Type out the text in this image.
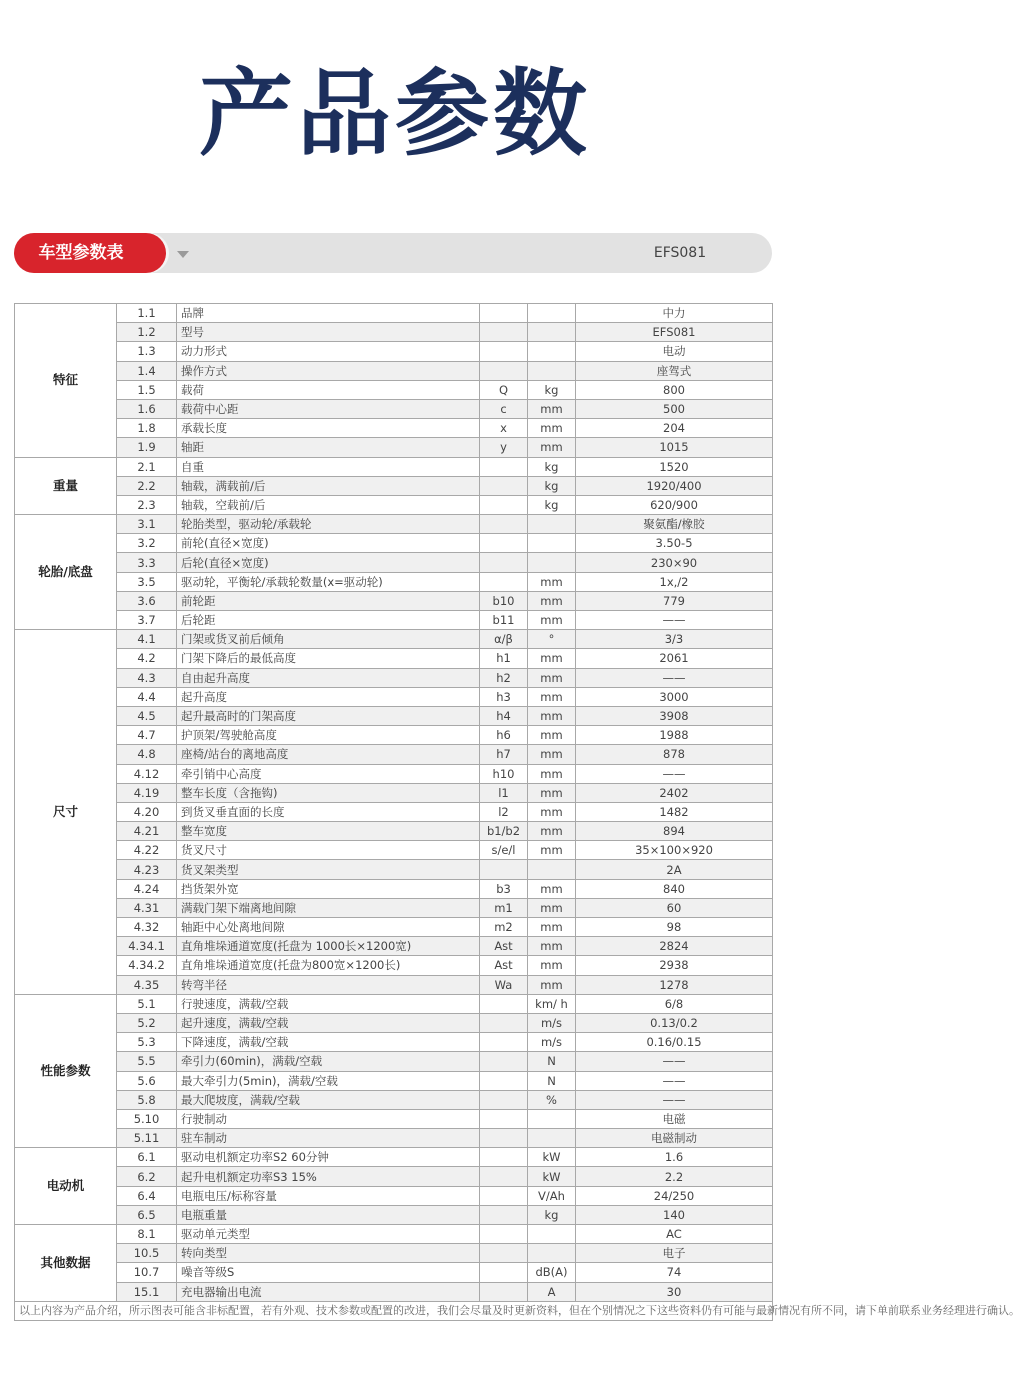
产品参数
车型参数表	EFS081
特征	1.1	品牌			中力
	1.2	型号			EFS081
	1.3	动力形式			电动
	1.4	操作方式			座驾式
	1.5	载荷	Q	kg	800
	1.6	载荷中心距	c	mm	500
	1.8	承载长度	x	mm	204
	1.9	轴距	y	mm	1015
重量	2.1	自重		kg	1520
	2.2	轴载，满载前/后		kg	1920/400
	2.3	轴载，空载前/后		kg	620/900
轮胎/底盘	3.1	轮胎类型，驱动轮/承载轮			聚氨酯/橡胶
	3.2	前轮(直径×宽度)			3.50-5
	3.3	后轮(直径×宽度)			230×90
	3.5	驱动轮，平衡轮/承载轮数量(x=驱动轮)		mm	1x,/2
	3.6	前轮距	b10	mm	779
	3.7	后轮距	b11	mm	——
尺寸	4.1	门架或货叉前后倾角	α/β	°	3/3
	4.2	门架下降后的最低高度	h1	mm	2061
	4.3	自由起升高度	h2	mm	——
	4.4	起升高度	h3	mm	3000
	4.5	起升最高时的门架高度	h4	mm	3908
	4.7	护顶架/驾驶舱高度	h6	mm	1988
	4.8	座椅/站台的离地高度	h7	mm	878
	4.12	牵引销中心高度	h10	mm	——
	4.19	整车长度（含拖钩)	l1	mm	2402
	4.20	到货叉垂直面的长度	l2	mm	1482
	4.21	整车宽度	b1/b2	mm	894
	4.22	货叉尺寸	s/e/l	mm	35×100×920
	4.23	货叉架类型			2A
	4.24	挡货架外宽	b3	mm	840
	4.31	满载门架下端离地间隙	m1	mm	60
	4.32	轴距中心处离地间隙	m2	mm	98
	4.34.1	直角堆垛通道宽度(托盘为 1000长×1200宽)	Ast	mm	2824
	4.34.2	直角堆垛通道宽度(托盘为800宽×1200长)	Ast	mm	2938
	4.35	转弯半径	Wa	mm	1278
性能参数	5.1	行驶速度，满载/空载		km/ h	6/8
	5.2	起升速度，满载/空载		m/s	0.13/0.2
	5.3	下降速度，满载/空载		m/s	0.16/0.15
	5.5	牵引力(60min)，满载/空载		N	——
	5.6	最大牵引力(5min)，满载/空载		N	——
	5.8	最大爬坡度，满载/空载		%	——
	5.10	行驶制动			电磁
	5.11	驻车制动			电磁制动
电动机	6.1	驱动电机额定功率S2 60分钟		kW	1.6
	6.2	起升电机额定功率S3 15%		kW	2.2
	6.4	电瓶电压/标称容量		V/Ah	24/250
	6.5	电瓶重量		kg	140
其他数据	8.1	驱动单元类型			AC
	10.5	转向类型			电子
	10.7	噪音等级S		dB(A)	74
	15.1	充电器输出电流		A	30
以上内容为产品介绍，所示图表可能含非标配置，若有外观、技术参数或配置的改进，我们会尽量及时更新资料，但在个别情况之下这些资料仍有可能与最新情况有所不同，请下单前联系业务经理进行确认。					
